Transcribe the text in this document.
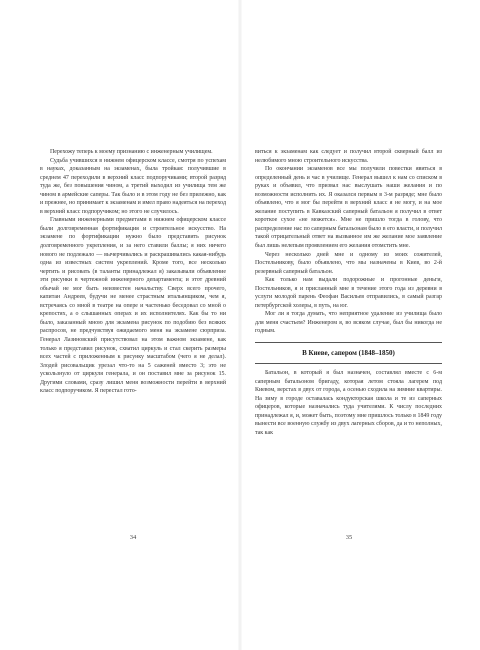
Перехожу теперь к моему признанию с инженерным училищем.

Судьба учившихся в нижнем офицерском классе, смотря по успехам в науках, доказанным на экзаменах, была тройкая: получившие в среднем 47 переходили в верхний класс подпоручиками; второй разряд туда же, без повышения чином, а третий выходил из училища тем же чином в армейские саперы. Так было и в этом году не без прилежно, как и прежнее, но принимает к экзаменам и имел право надеяться на переход в верхний класс подпоручиком; но этого не случилось.

Главными инженерными предметами в нижнем офицерском классе были долговременная фортификация и строительное искусство. На экзамене по фортификации нужно было представить рисунок долговременного укрепления, и за него ставили баллы; я них ничего нового не подлежало — вычерчивались и раскрашивались какая-нибудь одна из известных систем укреплений. Кроме того, все несколько чертить и рисовать (в таланты принадлежал я) заказывали объявление эти рисунки в чертежной инженерного департамента; и этот древний обычай не мог быть неизвестен начальству. Сверх всего прочего, капитан Андреев, будучи не менее страстным итальянщиком, чем я, встречаясь со мной в театре на опере и частенько беседовал со мной о крепостях, а о слышанных операх и их исполнителях. Как бы то ни было, заказанный мною для экзамена рисунок по подобию без всяких распросов, не предчувствуя ожидаемого меня на экзамене сюрприза. Генерал Лазиновский присутствовал на этом важном экзамене, как только я представил рисунок, схватил циркуль и стал скерить размеры всех частей с приложенным к рисунку масштабом (чего я не делал). Злодей рисовальщик урезал что-то на 5 саженей вместо 3; это не ускользнуло от циркуля генерала, и он поставил мне за рисунок 15. Другими словами, сразу лишил меня возможности перейти в верхний класс подпоручиком. Я перестал гото-

34

виться к экзаменам как следует и получил второй скверный балл из нелюбимого мною строительного искусства.

По окончании экзаменов все мы получили повестки явиться в определенный день и час в училище. Генерал вышел к нам со списком в руках и объявил, что призвал нас выслушать наши желания и по возможности исполнить их. Я оказался первым в 3-м разряде; мне было объявлено, что я мог бы перейти в верхний класс я не могу, и на мое желание поступить в Кавказский саперный батальон я получил в ответ короткое сухое «не можется». Мне не пришло тогда в голову, что распределение нас по саперным батальонам было в его власти, и получил такой отрицательный ответ на вызванное им же желание мое заявление был лишь нелепым проявлением его желания отомстить мне.

Через несколько дней мне и одному из моих сожителей, Постельникову, было объявлено, что мы назначены в Киев, во 2-й резервный саперный батальон.

Как только нам выдали подорожные и прогонные деньги, Постельников, я и присланный мне в течение этого года из деревни в услуги молодой парень Феофан Васильев отправились, в самый разгар петербургской холеры, в путь, на юг.

Мог ли я тогда думать, что неприятное удаление из училища было для меня счастьем? Инженером я, во всяком случае, был бы никогда не годным.

В Киеве, сапером (1848–1850)

Батальон, в который я был назначен, составлял вместе с 6-м саперным батальоном бригаду, которая летом стояла лагерем под Киевом, верстах в двух от города, а осенью сходила на зимние квартиры. На зиму в городе оставалась кондукторская школа и те из саперных офицеров, которые назначались туда учителями. К числу последних принадлежал я, и, может быть, поэтому мне пришлось только в 1849 году вынести все военную службу из двух лагерных сборов, да и то неполных, так как

35
